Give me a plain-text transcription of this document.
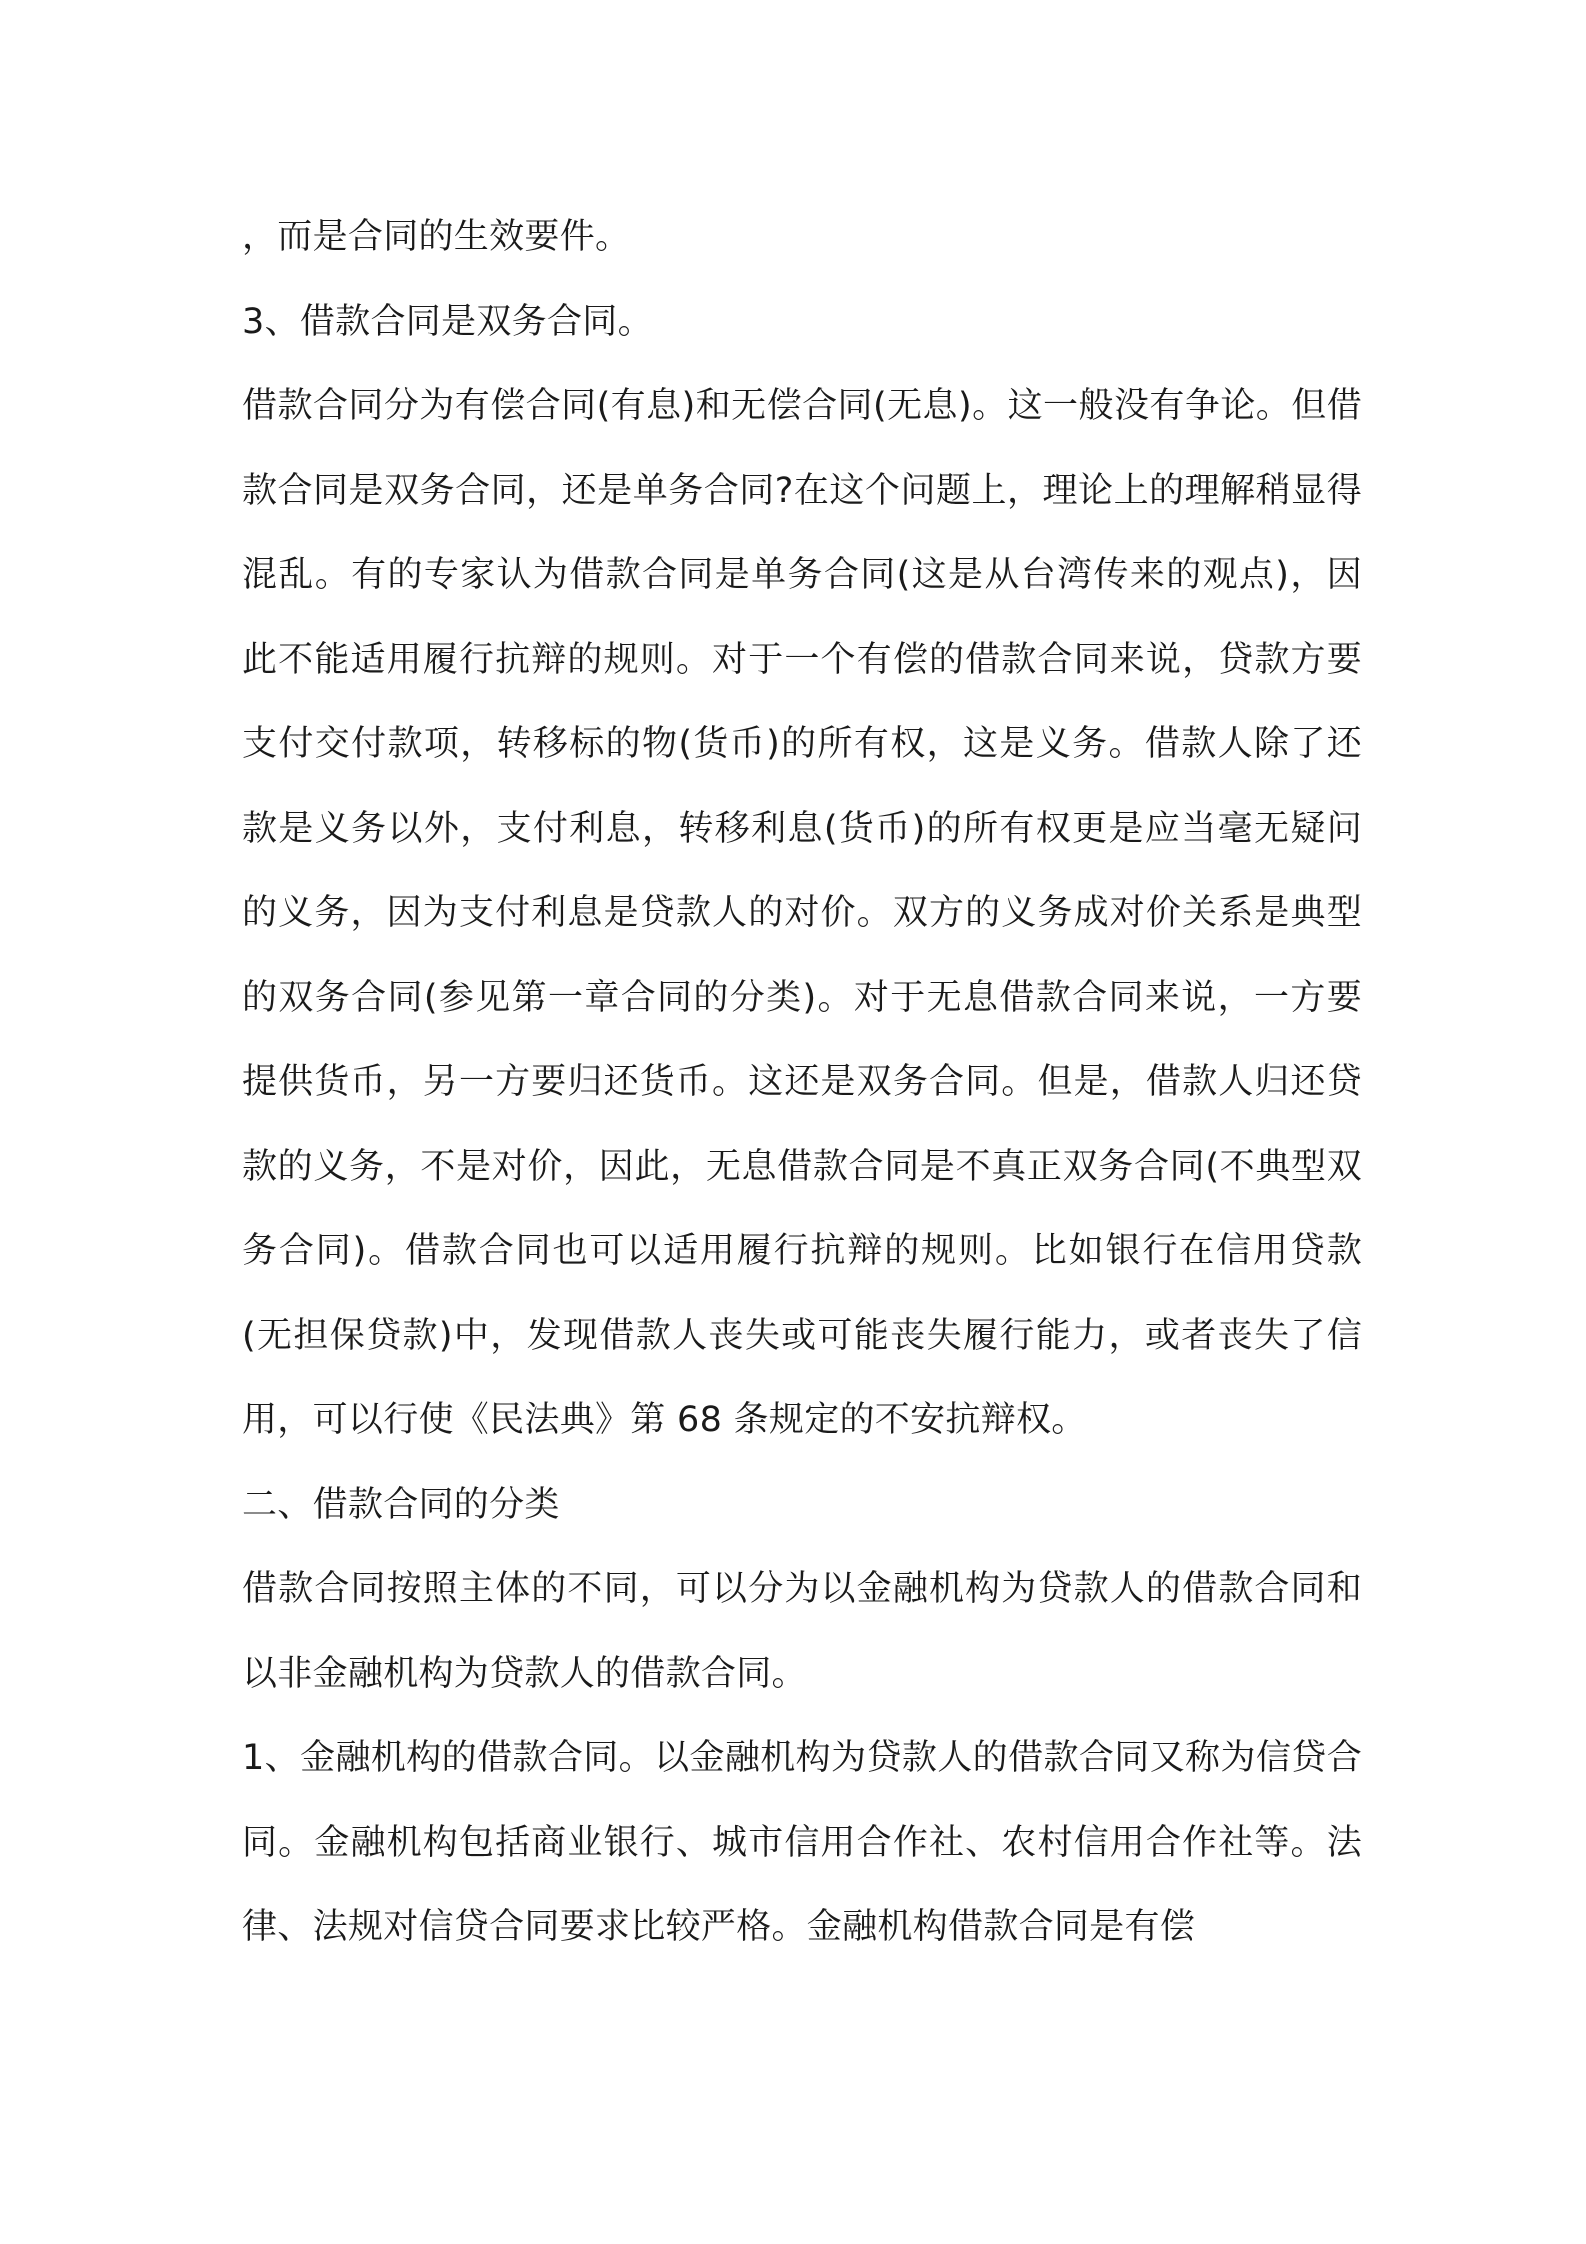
，而是合同的生效要件。

3、借款合同是双务合同。

借款合同分为有偿合同(有息)和无偿合同(无息)。这一般没有争论。但借款合同是双务合同，还是单务合同?在这个问题上，理论上的理解稍显得混乱。有的专家认为借款合同是单务合同(这是从台湾传来的观点)，因此不能适用履行抗辩的规则。对于一个有偿的借款合同来说，贷款方要支付交付款项，转移标的物(货币)的所有权，这是义务。借款人除了还款是义务以外，支付利息，转移利息(货币)的所有权更是应当毫无疑问的义务，因为支付利息是贷款人的对价。双方的义务成对价关系是典型的双务合同(参见第一章合同的分类)。对于无息借款合同来说，一方要提供货币，另一方要归还货币。这还是双务合同。但是，借款人归还贷款的义务，不是对价，因此，无息借款合同是不真正双务合同(不典型双务合同)。借款合同也可以适用履行抗辩的规则。比如银行在信用贷款(无担保贷款)中，发现借款人丧失或可能丧失履行能力，或者丧失了信用，可以行使《民法典》第 68 条规定的不安抗辩权。

二、借款合同的分类

借款合同按照主体的不同，可以分为以金融机构为贷款人的借款合同和以非金融机构为贷款人的借款合同。

1、金融机构的借款合同。以金融机构为贷款人的借款合同又称为信贷合同。金融机构包括商业银行、城市信用合作社、农村信用合作社等。法律、法规对信贷合同要求比较严格。金融机构借款合同是有偿
